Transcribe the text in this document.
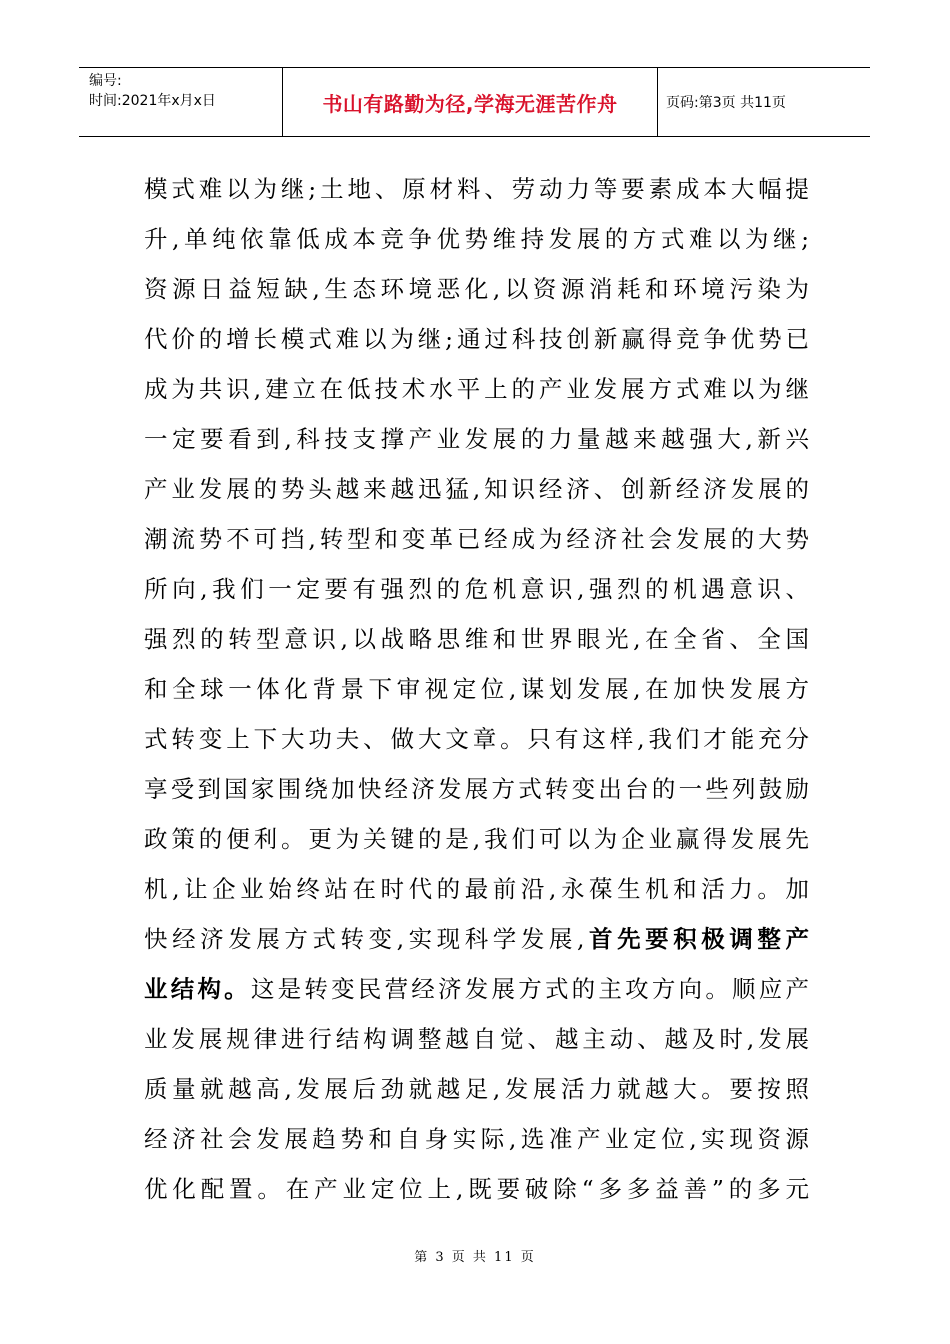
编号:
时间:2021年x月x日	书山有路勤为径,学海无涯苦作舟	页码:第3页 共11页
模式难以为继;土地、原材料、劳动力等要素成本大幅提
升,单纯依靠低成本竞争优势维持发展的方式难以为继;
资源日益短缺,生态环境恶化,以资源消耗和环境污染为
代价的增长模式难以为继;通过科技创新赢得竞争优势已
成为共识,建立在低技术水平上的产业发展方式难以为继
一定要看到,科技支撑产业发展的力量越来越强大,新兴
产业发展的势头越来越迅猛,知识经济、创新经济发展的
潮流势不可挡,转型和变革已经成为经济社会发展的大势
所向,我们一定要有强烈的危机意识,强烈的机遇意识、
强烈的转型意识,以战略思维和世界眼光,在全省、全国
和全球一体化背景下审视定位,谋划发展,在加快发展方
式转变上下大功夫、做大文章。只有这样,我们才能充分
享受到国家围绕加快经济发展方式转变出台的一些列鼓励
政策的便利。更为关键的是,我们可以为企业赢得发展先
机,让企业始终站在时代的最前沿,永葆生机和活力。加
快经济发展方式转变,实现科学发展,首先要积极调整产
业结构。这是转变民营经济发展方式的主攻方向。顺应产
业发展规律进行结构调整越自觉、越主动、越及时,发展
质量就越高,发展后劲就越足,发展活力就越大。要按照
经济社会发展趋势和自身实际,选准产业定位,实现资源
优化配置。在产业定位上,既要破除“多多益善”的多元
第 3 页 共 11 页
